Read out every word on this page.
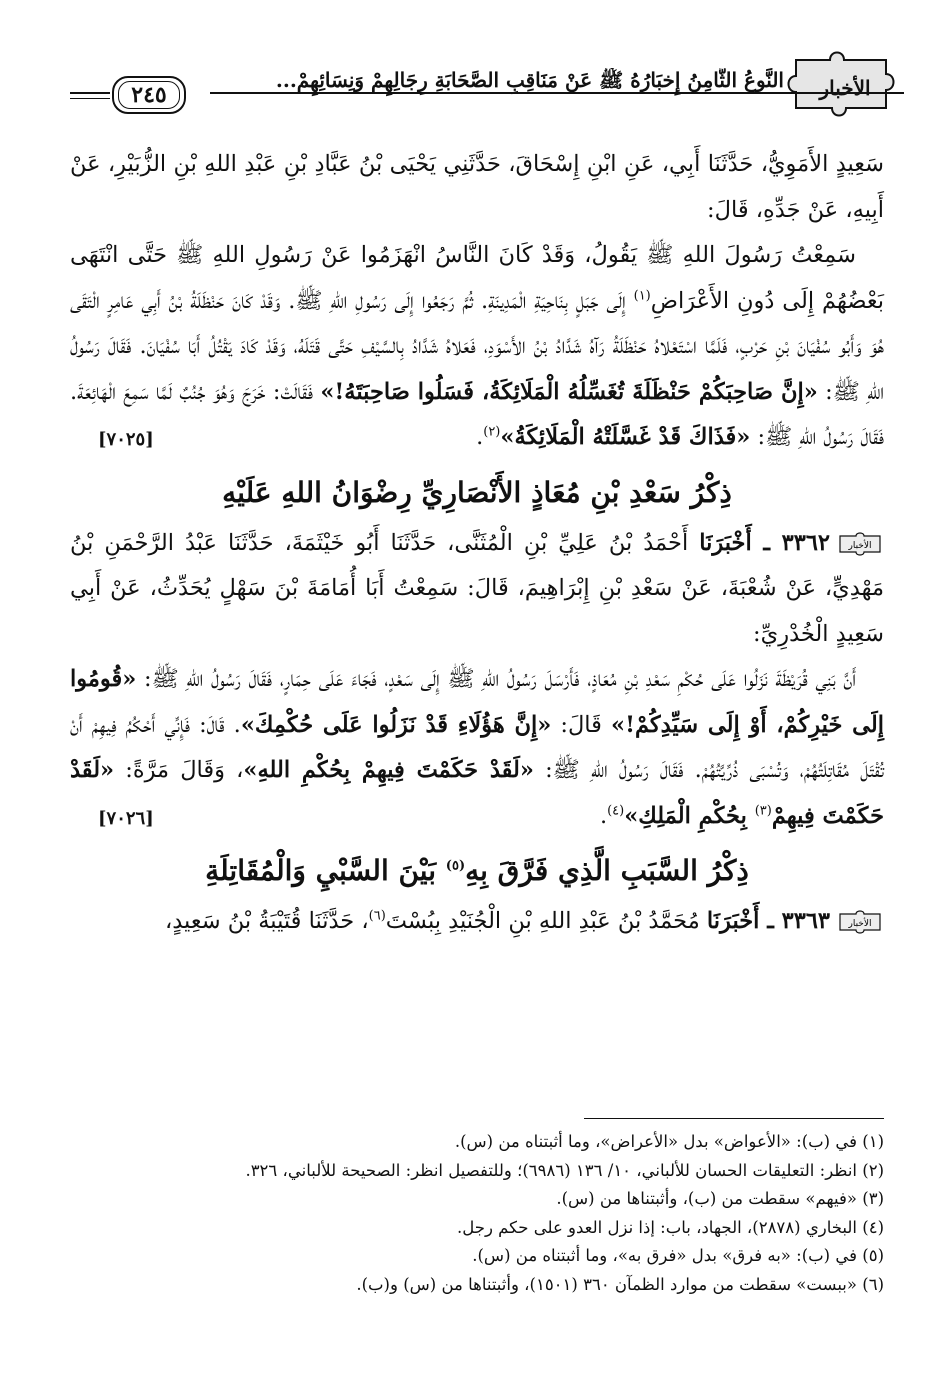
الأخبار
النَّوعُ الثَّامِنُ إِخبَارُهُ ﷺ عَنْ مَنَاقِبِ الصَّحَابَةِ رِجَالِهِمْ وَنِسَائِهِمْ...
٢٤٥

سَعِيدٍ الأَمَوِيُّ، حَدَّثَنَا أَبِي، عَنِ ابْنِ إِسْحَاقَ، حَدَّثَنِي يَحْيَى بْنُ عَبَّادِ بْنِ عَبْدِ اللهِ بْنِ الزُّبَيْرِ، عَنْ أَبِيهِ، عَنْ جَدِّهِ، قَالَ:

سَمِعْتُ رَسُولَ اللهِ ﷺ يَقُولُ، وَقَدْ كَانَ النَّاسُ انْهَزَمُوا عَنْ رَسُولِ اللهِ ﷺ حَتَّى انْتَهَى بَعْضُهُمْ إِلَى دُونِ الأَعْرَاضِ$^{(١)}$ إِلَى جَبَلٍ بِنَاحِيَةِ الْمَدِينَةِ. ثُمَّ رَجَعُوا إِلَى رَسُولِ اللهِ ﷺ. وَقَدْ كَانَ حَنْظَلَةُ بْنُ أَبِي عَامِرٍ الْتَقَى هُوَ وَأَبُو سُفْيَانَ بْنِ حَرْبٍ، فَلَمَّا اسْتَعْلاهُ حَنْظَلَةُ رَآهُ شَدَّادُ بْنُ الأَسْوَدِ، فَعَلاهُ شَدَّادُ بِالسَّيْفِ حَتَّى قَتَلَهُ، وَقَدْ كَادَ يَقْتُلُ أَبَا سُفْيَانَ. فَقَالَ رَسُولُ اللهِ ﷺ: «إِنَّ صَاحِبَكُمْ حَنْظَلَةَ تُغَسِّلُهُ الْمَلَائِكَةُ، فَسَلُوا صَاحِبَتَهُ!» فَقَالَتْ: خَرَجَ وَهُوَ جُنُبٌ لَمَّا سَمِعَ الْهَائِعَةَ. فَقَالَ رَسُولُ اللهِ ﷺ: «فَذَاكَ قَدْ غَسَّلَتْهُ الْمَلَائِكَةُ»$^{(٢)}$.
[٧٠٢٥]

ذِكْرُ سَعْدِ بْنِ مُعَاذٍ الأَنْصَارِيِّ رِضْوَانُ اللهِ عَلَيْهِ

الأخبار
٣٣٦٢ ـ أَخْبَرَنَا أَحْمَدُ بْنُ عَلِيِّ بْنِ الْمُثَنَّى، حَدَّثَنَا أَبُو خَيْثَمَةَ، حَدَّثَنَا عَبْدُ الرَّحْمَنِ بْنُ مَهْدِيٍّ، عَنْ شُعْبَةَ، عَنْ سَعْدِ بْنِ إِبْرَاهِيمَ، قَالَ: سَمِعْتُ أَبَا أُمَامَةَ بْنَ سَهْلٍ يُحَدِّثُ، عَنْ أَبِي سَعِيدٍ الْخُدْرِيِّ:

أَنَّ بَنِي قُرَيْظَةَ نَزَلُوا عَلَى حُكْمِ سَعْدِ بْنِ مُعَاذٍ، فَأَرْسَلَ رَسُولُ اللهِ ﷺ إِلَى سَعْدٍ، فَجَاءَ عَلَى حِمَارٍ، فَقَالَ رَسُولُ اللهِ ﷺ: «قُومُوا إِلَى خَيْرِكُمْ، أَوْ إِلَى سَيِّدِكُمْ!» قَالَ: «إِنَّ هَؤُلَاءِ قَدْ نَزَلُوا عَلَى حُكْمِكَ». قَالَ: فَإِنِّي أَحْكُمُ فِيهِمْ أَنْ تُقْتَلَ مُقَاتِلَتُهُمْ، وَتُسْبَى ذُرِّيَّتُهُمْ. فَقَالَ رَسُولُ اللهِ ﷺ: «لَقَدْ حَكَمْتَ فِيهِمْ بِحُكْمِ اللهِ»، وَقَالَ مَرَّةً: «لَقَدْ حَكَمْتَ فِيهِمْ$^{(٣)}$ بِحُكْمِ الْمَلِكِ»$^{(٤)}$.
[٧٠٢٦]

ذِكْرُ السَّبَبِ الَّذِي فَرَّقَ بِهِ$^{(٥)}$ بَيْنَ السَّبْيِ وَالْمُقَاتِلَةِ

الأخبار
٣٣٦٣ ـ أَخْبَرَنَا مُحَمَّدُ بْنُ عَبْدِ اللهِ بْنِ الْجُنَيْدِ بِبُسْتَ$^{(٦)}$، حَدَّثَنَا قُتَيْبَةُ بْنُ سَعِيدٍ،

(١) في (ب): «الأعواض» بدل «الأعراض»، وما أثبتناه من (س).

(٢) انظر: التعليقات الحسان للألباني، ١٠/ ١٣٦ (٦٩٨٦)؛ وللتفصيل انظر: الصحيحة للألباني، ٣٢٦.

(٣) «فيهم» سقطت من (ب)، وأثبتناها من (س).

(٤) البخاري (٢٨٧٨)، الجهاد، باب: إذا نزل العدو على حكم رجل.

(٥) في (ب): «به فرق» بدل «فرق به»، وما أثبتناه من (س).

(٦) «ببست» سقطت من موارد الظمآن ٣٦٠ (١٥٠١)، وأثبتناها من (س) و(ب).
